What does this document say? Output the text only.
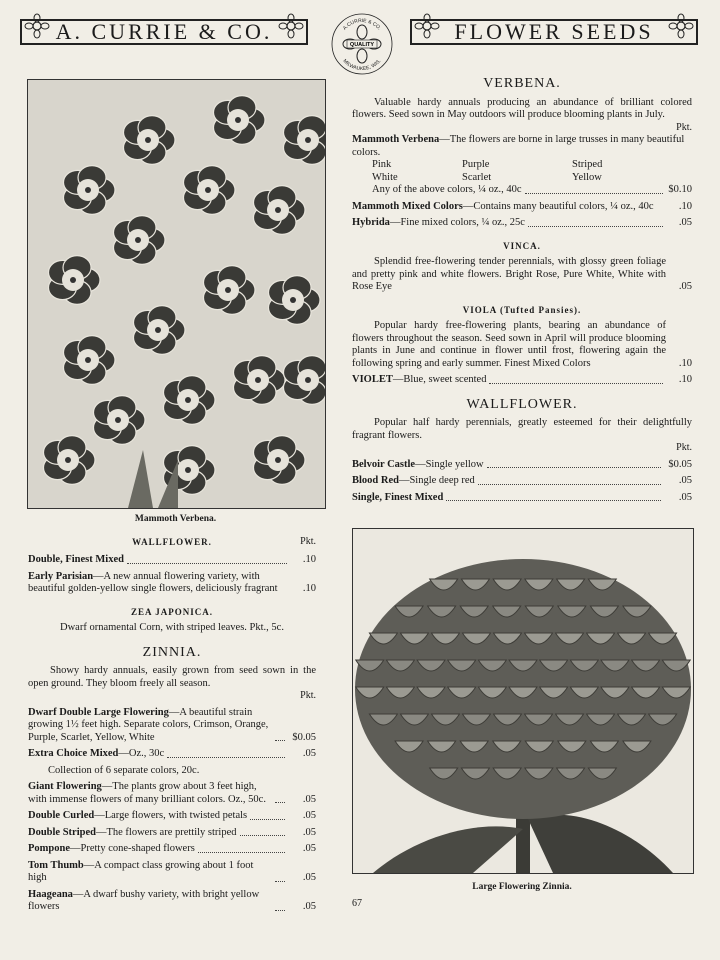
A. CURRIE & CO.	A.CURRIE & CO.
MILWAUKEE, WIS.
QUALITY
FLOWER SEEDS
Mammoth Verbena.
Large Flowering Zinnia.
WALLFLOWER.	Pkt.
Double, Finest Mixed	.10
Early Parisian—A new annual flowering variety, with beautiful golden-yellow single flowers, deliciously fragrant	.10
ZEA JAPONICA.
Dwarf ornamental Corn, with striped leaves. Pkt., 5c.
ZINNIA.
Showy hardy annuals, easily grown from seed sown in the open ground. They bloom freely all season.
Pkt.
Dwarf Double Large Flowering—A beautiful strain growing 1½ feet high. Separate colors, Crimson, Orange, Purple, Scarlet, Yellow, White	$0.05
Extra Choice Mixed—Oz., 30c	.05
Collection of 6 separate colors, 20c.
Giant Flowering—The plants grow about 3 feet high, with immense flowers of many brilliant colors. Oz., 50c.	.05
Double Curled—Large flowers, with twisted petals	.05
Double Striped—The flowers are prettily striped	.05
Pompone—Pretty cone-shaped flowers	.05
Tom Thumb—A compact class growing about 1 foot high	.05
Haageana—A dwarf bushy variety, with bright yellow flowers	.05
VERBENA.
Valuable hardy annuals producing an abundance of brilliant colored flowers. Seed sown in May outdoors will produce blooming plants in July.
Pkt.
Mammoth Verbena—The flowers are borne in large trusses in many beautiful colors.
Pink	Purple	Striped
White	Scarlet	Yellow
Any of the above colors, ¼ oz., 40c	$0.10
Mammoth Mixed Colors—Contains many beautiful colors, ¼ oz., 40c	.10
Hybrida —Fine mixed colors, ¼ oz., 25c	.05
VINCA.
Splendid free-flowering tender perennials, with glossy green foliage and pretty pink and white flowers. Bright Rose, Pure White, White with Rose Eye	.05
VIOLA (Tufted Pansies).
Popular hardy free-flowering plants, bearing an abundance of flowers throughout the season. Seed sown in April will produce blooming plants in June and continue in flower until frost, flowering again the following spring and early summer. Finest Mixed Colors	.10
VIOLET —Blue, sweet scented	.10
WALLFLOWER.
Popular half hardy perennials, greatly esteemed for their delightfully fragrant flowers.
Pkt.
Belvoir Castle—Single yellow	$0.05
Blood Red—Single deep red	.05
Single, Finest Mixed	.05
67
